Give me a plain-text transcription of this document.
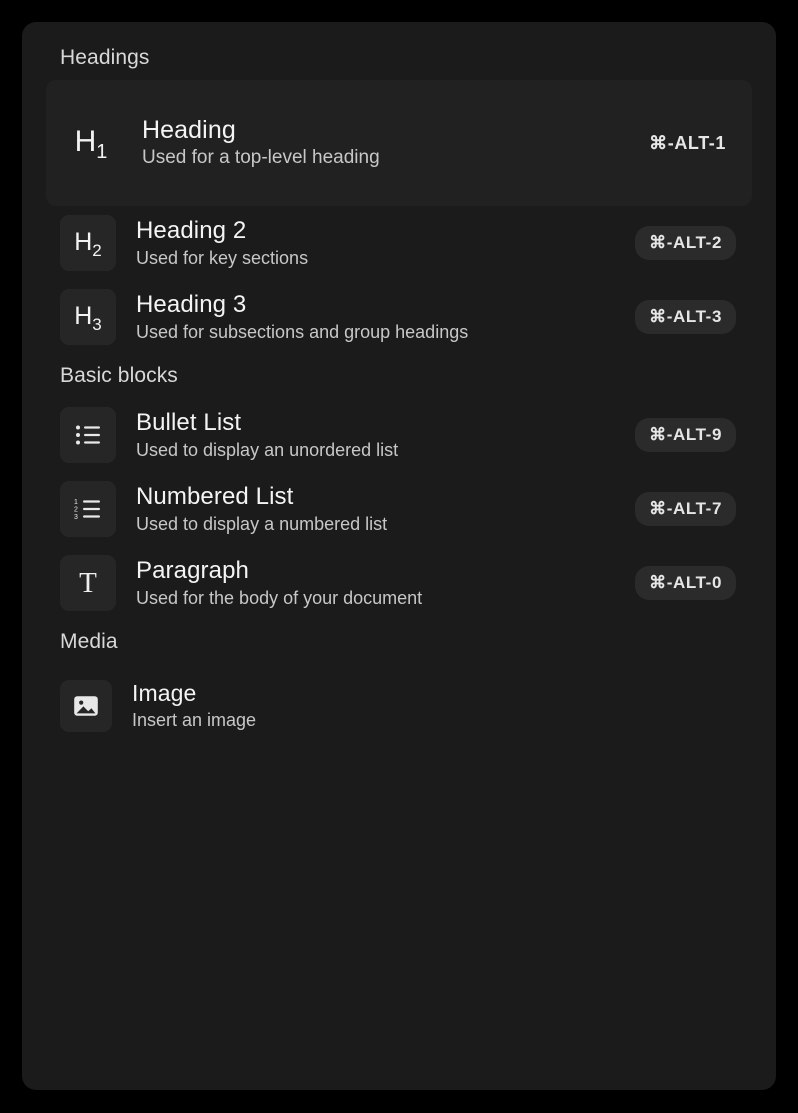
Headings
$H_1$
Heading
Used for a top-level heading
⌘-ALT-1
$H_2$
Heading 2
Used for key sections
⌘-ALT-2
$H_3$
Heading 3
Used for subsections and group headings
⌘-ALT-3
Basic blocks
Bullet List
Used to display an unordered list
⌘-ALT-9
1
2
3
Numbered List
Used to display a numbered list
⌘-ALT-7
T Paragraph
Used for the body of your document
⌘-ALT-0
Media
Image
Insert an image
